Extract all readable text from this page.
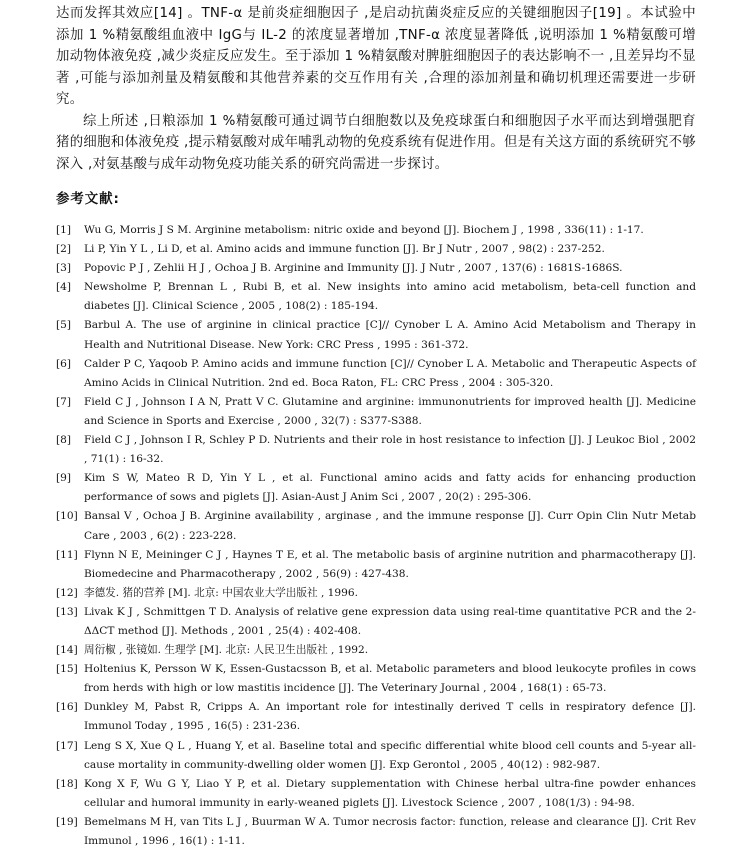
达而发挥其效应[14] 。TNF-α 是前炎症细胞因子 ,是启动抗菌炎症反应的关键细胞因子[19] 。本试验中添加 1 %精氨酸组血液中 IgG与 IL-2 的浓度显著增加 ,TNF-α 浓度显著降低 ,说明添加 1 %精氨酸可增加动物体液免疫 ,减少炎症反应发生。至于添加 1 %精氨酸对脾脏细胞因子的表达影响不一 ,且差异均不显著 ,可能与添加剂量及精氨酸和其他营养素的交互作用有关 ,合理的添加剂量和确切机理还需要进一步研究。

综上所述 ,日粮添加 1 %精氨酸可通过调节白细胞数以及免疫球蛋白和细胞因子水平而达到增强肥育猪的细胞和体液免疫 ,提示精氨酸对成年哺乳动物的免疫系统有促进作用。但是有关这方面的系统研究不够深入 ,对氨基酸与成年动物免疫功能关系的研究尚需进一步探讨。

参考文献:
[1]	Wu G, Morris J S M. Arginine metabolism: nitric oxide and beyond [J]. Biochem J , 1998 , 336(11) : 1-17.
[2]	Li P, Yin Y L , Li D, et al. Amino acids and immune function [J]. Br J Nutr , 2007 , 98(2) : 237-252.
[3]	Popovic P J , Zehlii H J , Ochoa J B. Arginine and Immunity [J]. J Nutr , 2007 , 137(6) : 1681S-1686S.
[4]	Newsholme P, Brennan L , Rubi B, et al. New insights into amino acid metabolism, beta-cell function and diabetes [J]. Clinical Science , 2005 , 108(2) : 185-194.
[5]	Barbul A. The use of arginine in clinical practice [C]// Cynober L A. Amino Acid Metabolism and Therapy in Health and Nutritional Disease. New York: CRC Press , 1995 : 361-372.
[6]	Calder P C, Yaqoob P. Amino acids and immune function [C]// Cynober L A. Metabolic and Therapeutic Aspects of Amino Acids in Clinical Nutrition. 2nd ed. Boca Raton, FL: CRC Press , 2004 : 305-320.
[7]	Field C J , Johnson I A N, Pratt V C. Glutamine and arginine: immunonutrients for improved health [J]. Medicine and Science in Sports and Exercise , 2000 , 32(7) : S377-S388.
[8]	Field C J , Johnson I R, Schley P D. Nutrients and their role in host resistance to infection [J]. J Leukoc Biol , 2002 , 71(1) : 16-32.
[9]	Kim S W, Mateo R D, Yin Y L , et al. Functional amino acids and fatty acids for enhancing production performance of sows and piglets [J]. Asian-Aust J Anim Sci , 2007 , 20(2) : 295-306.
[10] Bansal V , Ochoa J B. Arginine availability , arginase , and the immune response [J]. Curr Opin Clin Nutr Metab Care , 2003 , 6(2) : 223-228.
[11] Flynn N E, Meininger C J , Haynes T E, et al. The metabolic basis of arginine nutrition and pharmacotherapy [J]. Biomedecine and Pharmacotherapy , 2002 , 56(9) : 427-438.
[12] 李德发. 猪的营养 [M]. 北京: 中国农业大学出版社 , 1996.
[13] Livak K J , Schmittgen T D. Analysis of relative gene expression data using real-time quantitative PCR and the 2-ΔΔCT method [J]. Methods , 2001 , 25(4) : 402-408.
[14] 周衍椒 , 张镜如. 生理学 [M]. 北京: 人民卫生出版社 , 1992.
[15] Holtenius K, Persson W K, Essen-Gustacsson B, et al. Metabolic parameters and blood leukocyte profiles in cows from herds with high or low mastitis incidence [J]. The Veterinary Journal , 2004 , 168(1) : 65-73.
[16] Dunkley M, Pabst R, Cripps A. An important role for intestinally derived T cells in respiratory defence [J]. Immunol Today , 1995 , 16(5) : 231-236.
[17] Leng S X, Xue Q L , Huang Y, et al. Baseline total and specific differential white blood cell counts and 5-year all-cause mortality in community-dwelling older women [J]. Exp Gerontol , 2005 , 40(12) : 982-987.
[18] Kong X F, Wu G Y, Liao Y P, et al. Dietary supplementation with Chinese herbal ultra-fine powder enhances cellular and humoral immunity in early-weaned piglets [J]. Livestock Science , 2007 , 108(1/3) : 94-98.
[19] Bemelmans M H, van Tits L J , Buurman W A. Tumor necrosis factor: function, release and clearance [J]. Crit Rev Immunol , 1996 , 16(1) : 1-11.
